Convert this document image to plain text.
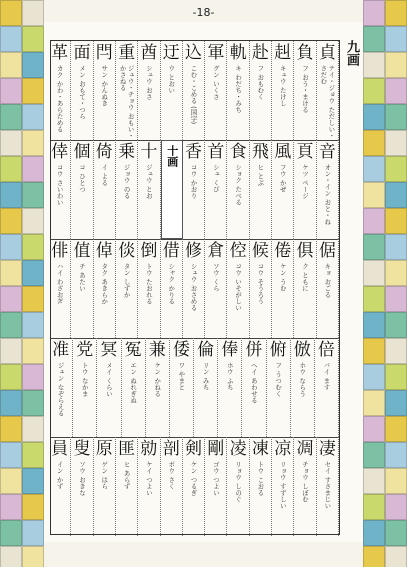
-18-
貞
テイ・ジョウ ただしい・さだむ
負
フ おう・まける
赳
キュウ たけし
赴
フ おもむく
軌
キ わだち・みち
軍
グン いくさ
込
こむ・こめる (国字)
迂
ウ とおい
酋
シュウ おさ
重
ジュウ・チョウ おもい・かさねる
閂
サン かんぬき
面
メン おもて・つら
革
カク かわ・あらためる
音
オン・イン おと・ね
頁
ケツ ページ
風
フウ かぜ
飛
ヒ とぶ
食
ショク たべる
首
シュ くび
香
コウ かおり
十画
十
ジュウ とお
乗
ジョウ のる
倚
イ よる
個
コ ひとつ
倖
コウ さいわい
倨
キョ おごる
俱
ク ともに
倦
ケン うむ
候
コウ そうろう
倥
コウ いそがしい
倉
ソウ くら
修
シュウ おさめる
借
シャク かりる
倒
トウ たおれる
倓
タン しずか
倬
タク あきらか
值
チ あたい
俳
ハイ わざおぎ
倍
バイ ます
倣
ホウ ならう
俯
フ うつむく
併
ヘイ あわせる
俸
ホウ ふち
倫
リン みち
倭
ワ やまと
兼
ケン かねる
冤
エン ぬれぎぬ
冥
メイ くらい
党
トウ なかま
准
ジュン なぞらえる
凄
セイ すさまじい
凋
チョウ しぼむ
凉
リョウ すずしい
凍
トウ こおる
凌
リョウ しのぐ
剛
ゴウ つよい
剣
ケン つるぎ
剖
ボウ さく
勍
ケイ つよい
匪
ヒ あらず
原
ゲン はら
叟
ソウ おきな
員
イン かず
九画
